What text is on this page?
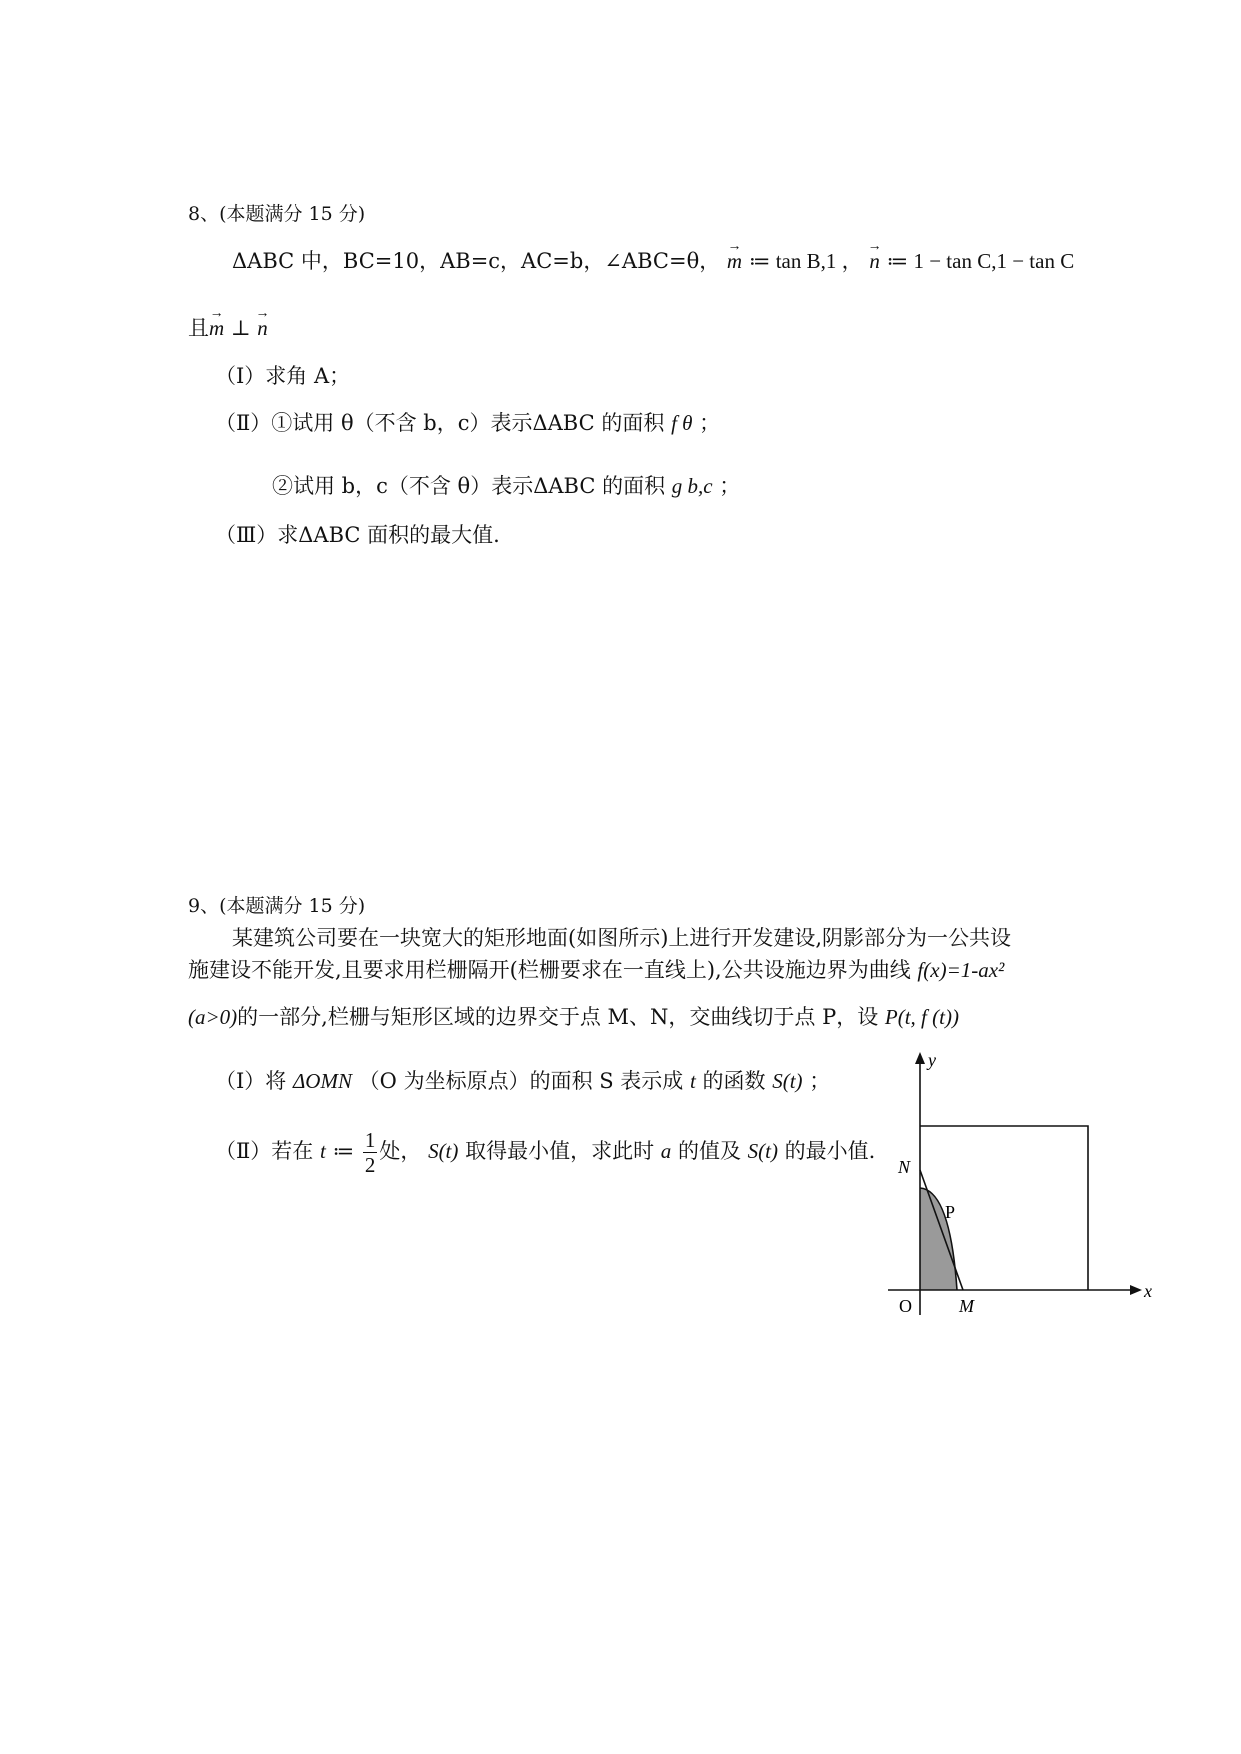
8、(本题满分 15 分)
ΔABC 中，BC=10，AB=c，AC=b，∠ABC=θ， → m ≔ tan B,1 ， → n ≔ 1 − tan C,1 − tan C
且→ m ⊥ → n
（Ⅰ）求角 A；
（Ⅱ）①试用 θ（不含 b，c）表示ΔABC 的面积 f θ ；
②试用 b，c（不含 θ）表示ΔABC 的面积 g b,c ；
（Ⅲ）求ΔABC 面积的最大值.
9、(本题满分 15 分)
某建筑公司要在一块宽大的矩形地面(如图所示)上进行开发建设,阴影部分为一公共设
施建设不能开发,且要求用栏栅隔开(栏栅要求在一直线上),公共设施边界为曲线 f(x)=1-ax²
(a>0)的一部分,栏栅与矩形区域的边界交于点 M、N，交曲线切于点 P，设 P(t, f (t))
（Ⅰ）将 ΔOMN （O 为坐标原点）的面积 S 表示成 t 的函数 S(t) ；
（Ⅱ）若在 t ≔ $\frac{1}{2}$ 处， S(t) 取得最小值，求此时 a 的值及 S(t) 的最小值.
y
x
O
N
P
M
